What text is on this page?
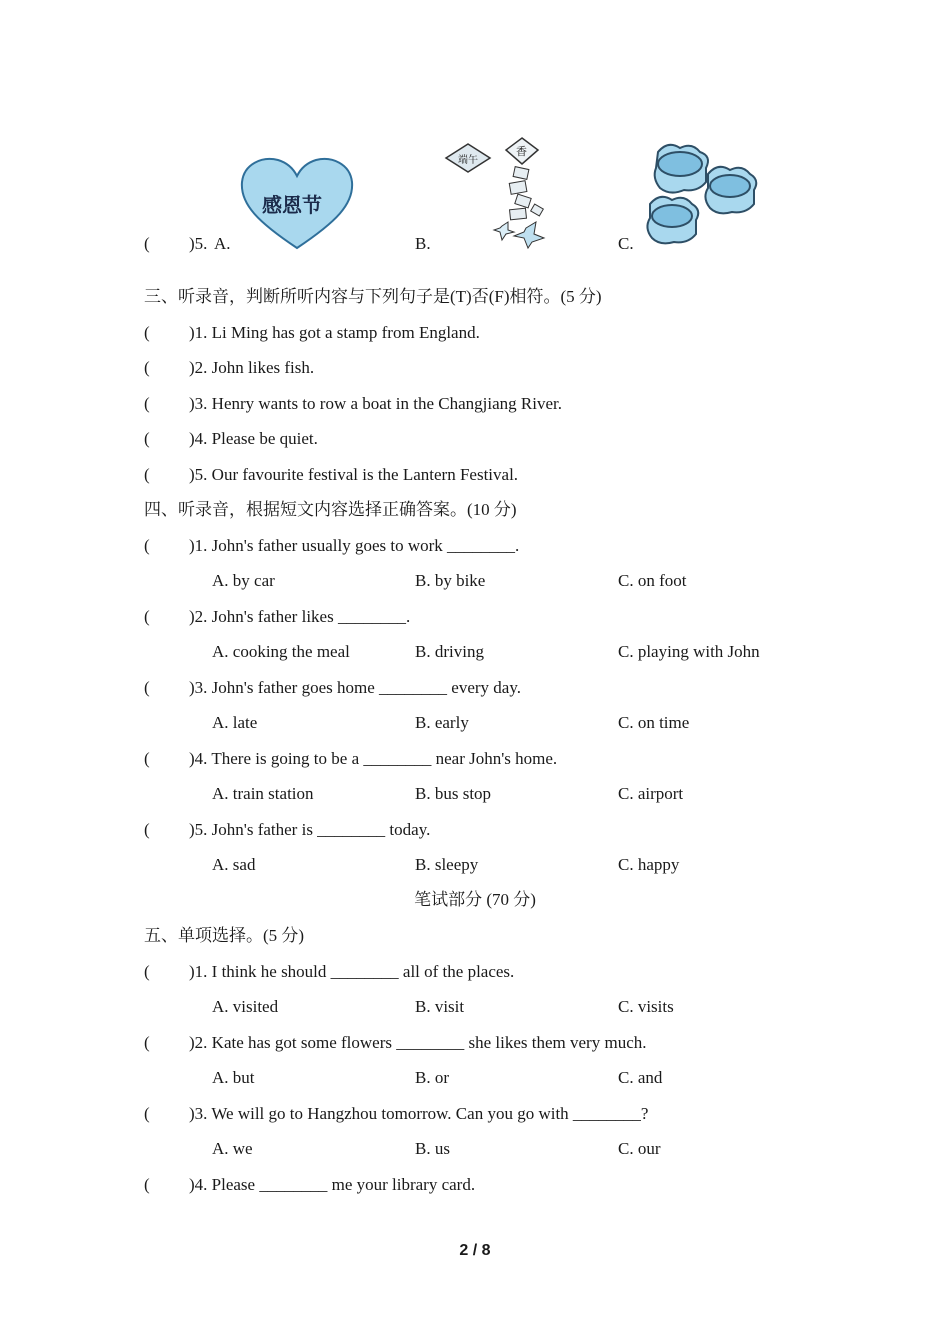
感恩节
端午
香
( )5. A.	B.	C.
三、听录音，判断所听内容与下列句子是(T)否(F)相符。(5 分)
( )1. Li Ming has got a stamp from England.
( )2. John likes fish.
( )3. Henry wants to row a boat in the Changjiang River.
( )4. Please be quiet.
( )5. Our favourite festival is the Lantern Festival.
四、听录音，根据短文内容选择正确答案。(10 分)
( )1. John's father usually goes to work ________.
A. by car	B. by bike	C. on foot
( )2. John's father likes ________.
A. cooking the meal	B. driving	C. playing with John
( )3. John's father goes home ________ every day.
A. late	B. early	C. on time
( )4. There is going to be a ________ near John's home.
A. train station	B. bus stop	C. airport
( )5. John's father is ________ today.
A. sad	B. sleepy	C. happy
笔试部分 (70 分)
五、单项选择。(5 分)
( )1. I think he should ________ all of the places.
A. visited	B. visit	C. visits
( )2. Kate has got some flowers ________ she likes them very much.
A. but	B. or	C. and
( )3. We will go to Hangzhou tomorrow. Can you go with ________?
A. we	B. us	C. our
( )4. Please ________ me your library card.
2 / 8
